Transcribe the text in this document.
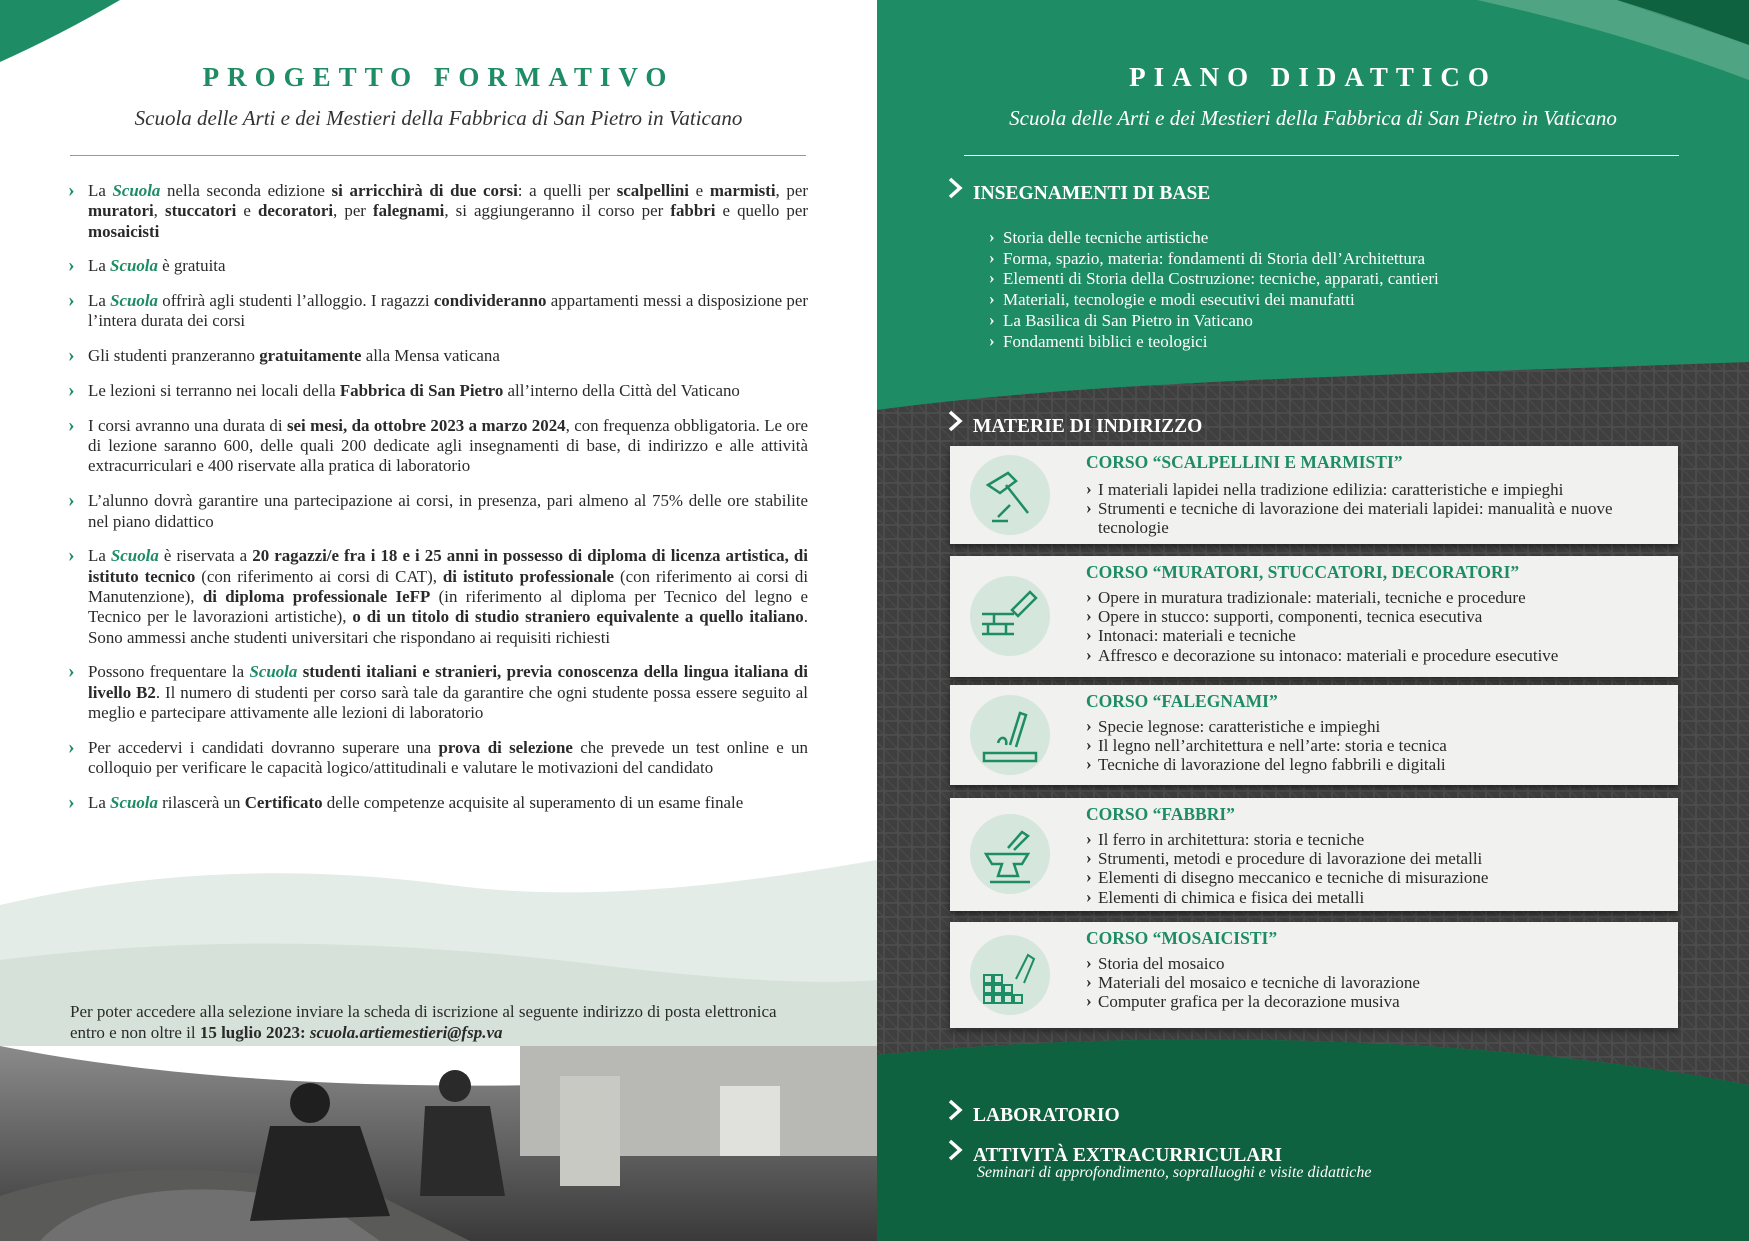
PROGETTO FORMATIVO
Scuola delle Arti e dei Mestieri della Fabbrica di San Pietro in Vaticano
› La Scuola nella seconda edizione si arricchirà di due corsi: a quelli per scalpellini e marmisti, per muratori, stuccatori e decoratori, per falegnami, si aggiungeranno il corso per fabbri e quello per mosaicisti
› La Scuola è gratuita
› La Scuola offrirà agli studenti l’alloggio. I ragazzi condivideranno appartamenti messi a disposizione per l’intera durata dei corsi
› Gli studenti pranzeranno gratuitamente alla Mensa vaticana
› Le lezioni si terranno nei locali della Fabbrica di San Pietro all’interno della Città del Vaticano
› I corsi avranno una durata di sei mesi, da ottobre 2023 a marzo 2024, con frequenza obbligatoria. Le ore di lezione saranno 600, delle quali 200 dedicate agli insegnamenti di base, di indirizzo e alle attività extracurriculari e 400 riservate alla pratica di laboratorio
› L’alunno dovrà garantire una partecipazione ai corsi, in presenza, pari almeno al 75% delle ore stabilite nel piano didattico
› La Scuola è riservata a 20 ragazzi/e fra i 18 e i 25 anni in possesso di diploma di licenza artistica, di istituto tecnico (con riferimento ai corsi di CAT), di istituto professionale (con riferimento ai corsi di Manutenzione), di diploma professionale IeFP (in riferimento al diploma per Tecnico del legno e Tecnico per le lavorazioni artistiche), o di un titolo di studio straniero equivalente a quello italiano. Sono ammessi anche studenti universitari che rispondano ai requisiti richiesti
› Possono frequentare la Scuola studenti italiani e stranieri, previa conoscenza della lingua italiana di livello B2. Il numero di studenti per corso sarà tale da garantire che ogni studente possa essere seguito al meglio e partecipare attivamente alle lezioni di laboratorio
› Per accedervi i candidati dovranno superare una prova di selezione che prevede un test online e un colloquio per verificare le capacità logico/attitudinali e valutare le motivazioni del candidato
› La Scuola rilascerà un Certificato delle competenze acquisite al superamento di un esame finale
Per poter accedere alla selezione inviare la scheda di iscrizione al seguente indirizzo di posta elettronica entro e non oltre il 15 luglio 2023: scuola.artiemestieri@fsp.va
PIANO DIDATTICO
Scuola delle Arti e dei Mestieri della Fabbrica di San Pietro in Vaticano
INSEGNAMENTI DI BASE
› Storia delle tecniche artistiche
› Forma, spazio, materia: fondamenti di Storia dell’Architettura
› Elementi di Storia della Costruzione: tecniche, apparati, cantieri
› Materiali, tecnologie e modi esecutivi dei manufatti
› La Basilica di San Pietro in Vaticano
› Fondamenti biblici e teologici
MATERIE DI INDIRIZZO
CORSO “SCALPELLINI E MARMISTI”
› I materiali lapidei nella tradizione edilizia: caratteristiche e impieghi
› Strumenti e tecniche di lavorazione dei materiali lapidei: manualità e nuove tecnologie
CORSO “MURATORI, STUCCATORI, DECORATORI”
› Opere in muratura tradizionale: materiali, tecniche e procedure
› Opere in stucco: supporti, componenti, tecnica esecutiva
› Intonaci: materiali e tecniche
› Affresco e decorazione su intonaco: materiali e procedure esecutive
CORSO “FALEGNAMI”
› Specie legnose: caratteristiche e impieghi
› Il legno nell’architettura e nell’arte: storia e tecnica
› Tecniche di lavorazione del legno fabbrili e digitali
CORSO “FABBRI”
› Il ferro in architettura: storia e tecniche
› Strumenti, metodi e procedure di lavorazione dei metalli
› Elementi di disegno meccanico e tecniche di misurazione
› Elementi di chimica e fisica dei metalli
CORSO “MOSAICISTI”
› Storia del mosaico
› Materiali del mosaico e tecniche di lavorazione
› Computer grafica per la decorazione musiva
LABORATORIO
ATTIVITÀ EXTRACURRICULARI
Seminari di approfondimento, sopralluoghi e visite didattiche
